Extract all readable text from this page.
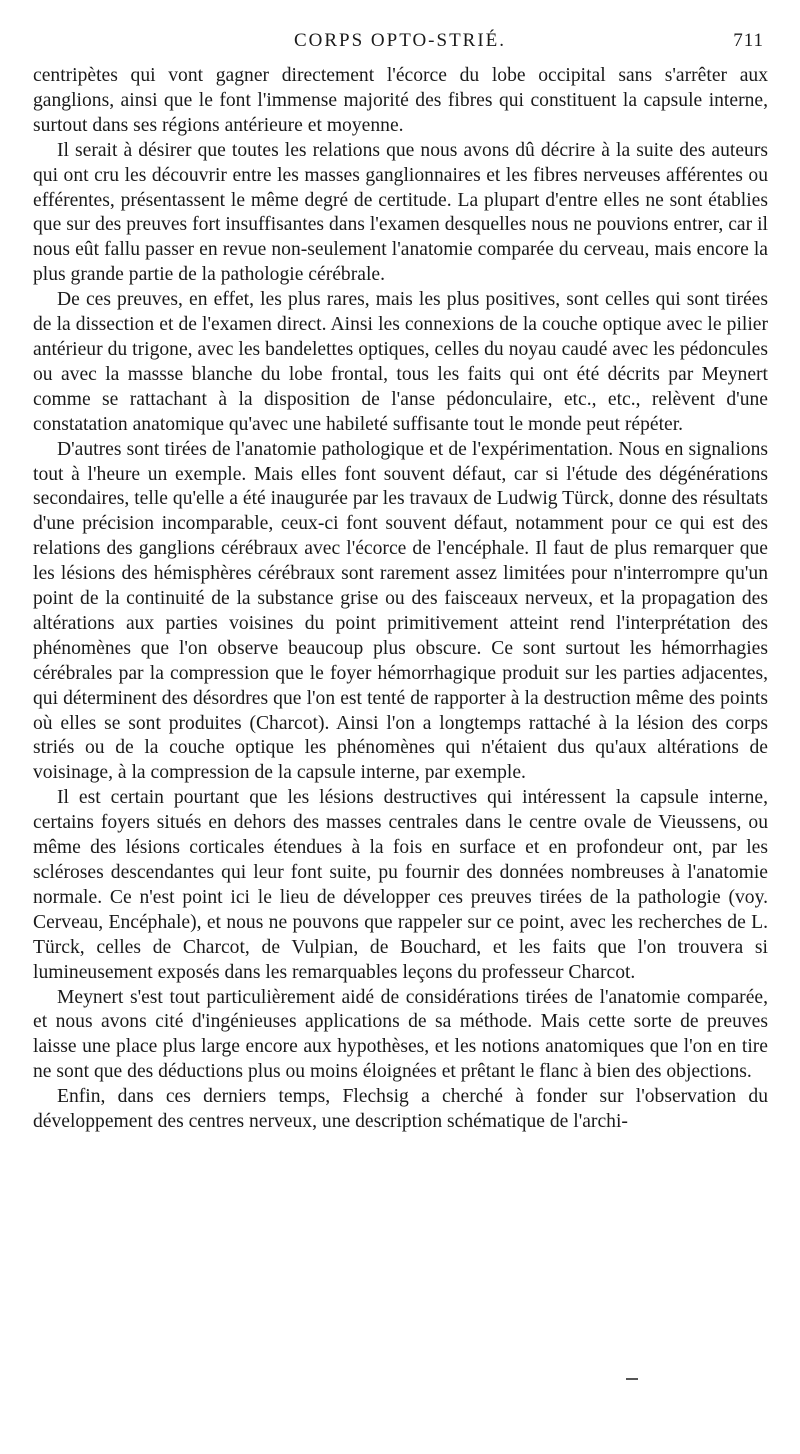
CORPS OPTO-STRIÉ.	711

centripètes qui vont gagner directement l'écorce du lobe occipital sans s'arrêter aux ganglions, ainsi que le font l'immense majorité des fibres qui constituent la capsule interne, surtout dans ses régions antérieure et moyenne.

Il serait à désirer que toutes les relations que nous avons dû décrire à la suite des auteurs qui ont cru les découvrir entre les masses ganglionnaires et les fibres nerveuses afférentes ou efférentes, présentassent le même degré de certitude. La plupart d'entre elles ne sont établies que sur des preuves fort insuffisantes dans l'examen desquelles nous ne pouvions entrer, car il nous eût fallu passer en revue non-seulement l'anatomie comparée du cerveau, mais encore la plus grande partie de la pathologie cérébrale.

De ces preuves, en effet, les plus rares, mais les plus positives, sont celles qui sont tirées de la dissection et de l'examen direct. Ainsi les connexions de la couche optique avec le pilier antérieur du trigone, avec les bandelettes optiques, celles du noyau caudé avec les pédoncules ou avec la massse blanche du lobe frontal, tous les faits qui ont été décrits par Meynert comme se rattachant à la disposition de l'anse pédonculaire, etc., etc., relèvent d'une constatation anatomique qu'avec une habileté suffisante tout le monde peut répéter.

D'autres sont tirées de l'anatomie pathologique et de l'expérimentation. Nous en signalions tout à l'heure un exemple. Mais elles font souvent défaut, car si l'étude des dégénérations secondaires, telle qu'elle a été inaugurée par les travaux de Ludwig Türck, donne des résultats d'une précision incomparable, ceux-ci font souvent défaut, notamment pour ce qui est des relations des ganglions cérébraux avec l'écorce de l'encéphale. Il faut de plus remarquer que les lésions des hémisphères cérébraux sont rarement assez limitées pour n'interrompre qu'un point de la continuité de la substance grise ou des faisceaux nerveux, et la propagation des altérations aux parties voisines du point primitivement atteint rend l'interprétation des phénomènes que l'on observe beaucoup plus obscure. Ce sont surtout les hémorrhagies cérébrales par la compression que le foyer hémorrhagique produit sur les parties adjacentes, qui déterminent des désordres que l'on est tenté de rapporter à la destruction même des points où elles se sont produites (Charcot). Ainsi l'on a longtemps rattaché à la lésion des corps striés ou de la couche optique les phénomènes qui n'étaient dus qu'aux altérations de voisinage, à la compression de la capsule interne, par exemple.

Il est certain pourtant que les lésions destructives qui intéressent la capsule interne, certains foyers situés en dehors des masses centrales dans le centre ovale de Vieussens, ou même des lésions corticales étendues à la fois en surface et en profondeur ont, par les scléroses descendantes qui leur font suite, pu fournir des données nombreuses à l'anatomie normale. Ce n'est point ici le lieu de développer ces preuves tirées de la pathologie (voy. Cerveau, Encéphale), et nous ne pouvons que rappeler sur ce point, avec les recherches de L. Türck, celles de Charcot, de Vulpian, de Bouchard, et les faits que l'on trouvera si lumineusement exposés dans les remarquables leçons du professeur Charcot.

Meynert s'est tout particulièrement aidé de considérations tirées de l'anatomie comparée, et nous avons cité d'ingénieuses applications de sa méthode. Mais cette sorte de preuves laisse une place plus large encore aux hypothèses, et les notions anatomiques que l'on en tire ne sont que des déductions plus ou moins éloignées et prêtant le flanc à bien des objections.

Enfin, dans ces derniers temps, Flechsig a cherché à fonder sur l'observation du développement des centres nerveux, une description schématique de l'archi-
